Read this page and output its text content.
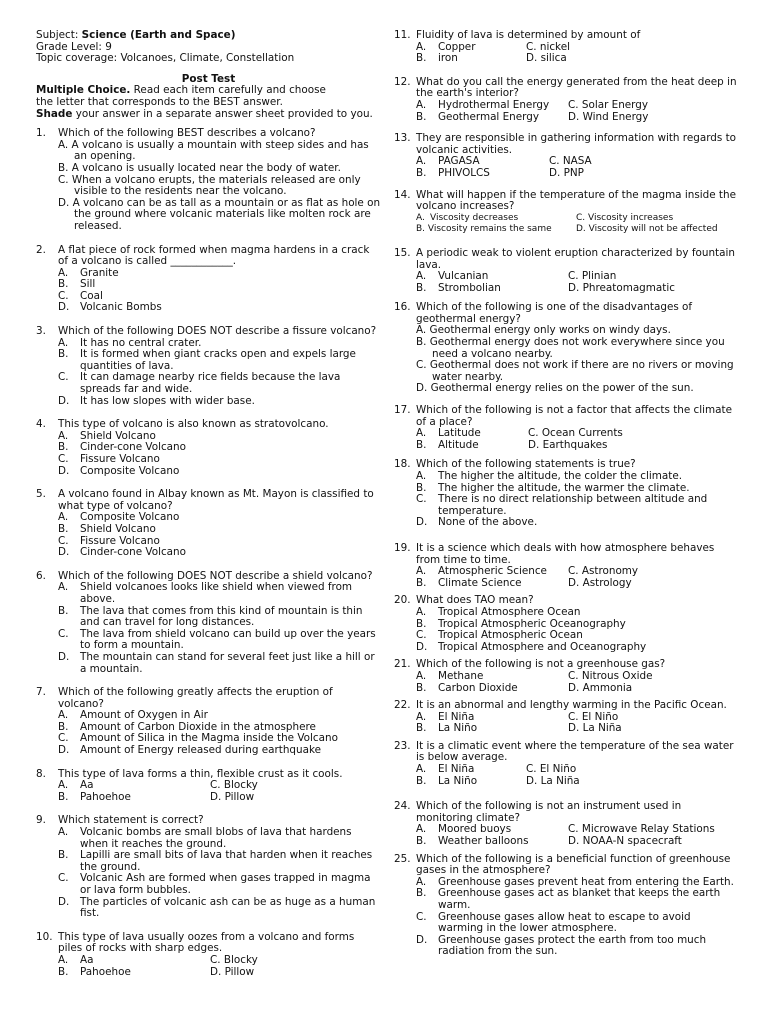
Subject: Science (Earth and Space)
Grade Level: 9
Topic coverage: Volcanoes, Climate, Constellation
Post Test
Multiple Choice. Read each item carefully and choose
the letter that corresponds to the BEST answer.
Shade your answer in a separate answer sheet provided to you.
1. Which of the following BEST describes a volcano?
A. A volcano is usually a mountain with steep sides and has an opening.
B. A volcano is usually located near the body of water.
C. When a volcano erupts, the materials released are only visible to the residents near the volcano.
D. A volcano can be as tall as a mountain or as flat as hole on the ground where volcanic materials like molten rock are released.
2. A flat piece of rock formed when magma hardens in a crack of a volcano is called ____________.
A. Granite
B. Sill
C. Coal
D. Volcanic Bombs
3. Which of the following DOES NOT describe a fissure volcano?
A. It has no central crater.
B. It is formed when giant cracks open and expels large quantities of lava.
C. It can damage nearby rice fields because the lava spreads far and wide.
D. It has low slopes with wider base.
4. This type of volcano is also known as stratovolcano.
A. Shield Volcano
B. Cinder-cone Volcano
C. Fissure Volcano
D. Composite Volcano
5. A volcano found in Albay known as Mt. Mayon is classified to what type of volcano?
A. Composite Volcano
B. Shield Volcano
C. Fissure Volcano
D. Cinder-cone Volcano
6. Which of the following DOES NOT describe a shield volcano?
A. Shield volcanoes looks like shield when viewed from above.
B. The lava that comes from this kind of mountain is thin and can travel for long distances.
C. The lava from shield volcano can build up over the years to form a mountain.
D. The mountain can stand for several feet just like a hill or a mountain.
7. Which of the following greatly affects the eruption of volcano?
A. Amount of Oxygen in Air
B. Amount of Carbon Dioxide in the atmosphere
C. Amount of Silica in the Magma inside the Volcano
D. Amount of Energy released during earthquake
8. This type of lava forms a thin, flexible crust as it cools.
A. Aa	C. Blocky
B. Pahoehoe	D. Pillow
9. Which statement is correct?
A. Volcanic bombs are small blobs of lava that hardens when it reaches the ground.
B. Lapilli are small bits of lava that harden when it reaches the ground.
C. Volcanic Ash are formed when gases trapped in magma or lava form bubbles.
D. The particles of volcanic ash can be as huge as a human fist.
10. This type of lava usually oozes from a volcano and forms piles of rocks with sharp edges.
A. Aa	C. Blocky
B. Pahoehoe	D. Pillow
11. Fluidity of lava is determined by amount of
A. Copper	C. nickel
B. iron	D. silica
12. What do you call the energy generated from the heat deep in the earth's interior?
A. Hydrothermal Energy	C. Solar Energy
B. Geothermal Energy	D. Wind Energy
13. They are responsible in gathering information with regards to volcanic activities.
A. PAGASA	C. NASA
B. PHIVOLCS	D. PNP
14. What will happen if the temperature of the magma inside the volcano increases?
A. Viscosity decreases	C. Viscosity increases
B. Viscosity remains the same	D. Viscosity will not be affected
15. A periodic weak to violent eruption characterized by fountain lava.
A. Vulcanian	C. Plinian
B. Strombolian	D. Phreatomagmatic
16. Which of the following is one of the disadvantages of geothermal energy?
A. Geothermal energy only works on windy days.
B. Geothermal energy does not work everywhere since you need a volcano nearby.
C. Geothermal does not work if there are no rivers or moving water nearby.
D. Geothermal energy relies on the power of the sun.
17. Which of the following is not a factor that affects the climate of a place?
A. Latitude	C. Ocean Currents
B. Altitude	D. Earthquakes
18. Which of the following statements is true?
A. The higher the altitude, the colder the climate.
B. The higher the altitude, the warmer the climate.
C. There is no direct relationship between altitude and temperature.
D. None of the above.
19. It is a science which deals with how atmosphere behaves from time to time.
A. Atmospheric Science	C. Astronomy
B. Climate Science	D. Astrology
20. What does TAO mean?
A. Tropical Atmosphere Ocean
B. Tropical Atmospheric Oceanography
C. Tropical Atmospheric Ocean
D. Tropical Atmosphere and Oceanography
21. Which of the following is not a greenhouse gas?
A. Methane	C. Nitrous Oxide
B. Carbon Dioxide	D. Ammonia
22. It is an abnormal and lengthy warming in the Pacific Ocean.
A. El Niña	C. El Niño
B. La Niño	D. La Niña
23. It is a climatic event where the temperature of the sea water is below average.
A. El Niña	C. El Niño
B. La Niño	D. La Niña
24. Which of the following is not an instrument used in monitoring climate?
A. Moored buoys	C. Microwave Relay Stations
B. Weather balloons	D. NOAA-N spacecraft
25. Which of the following is a beneficial function of greenhouse gases in the atmosphere?
A. Greenhouse gases prevent heat from entering the Earth.
B. Greenhouse gases act as blanket that keeps the earth warm.
C. Greenhouse gases allow heat to escape to avoid warming in the lower atmosphere.
D. Greenhouse gases protect the earth from too much radiation from the sun.
